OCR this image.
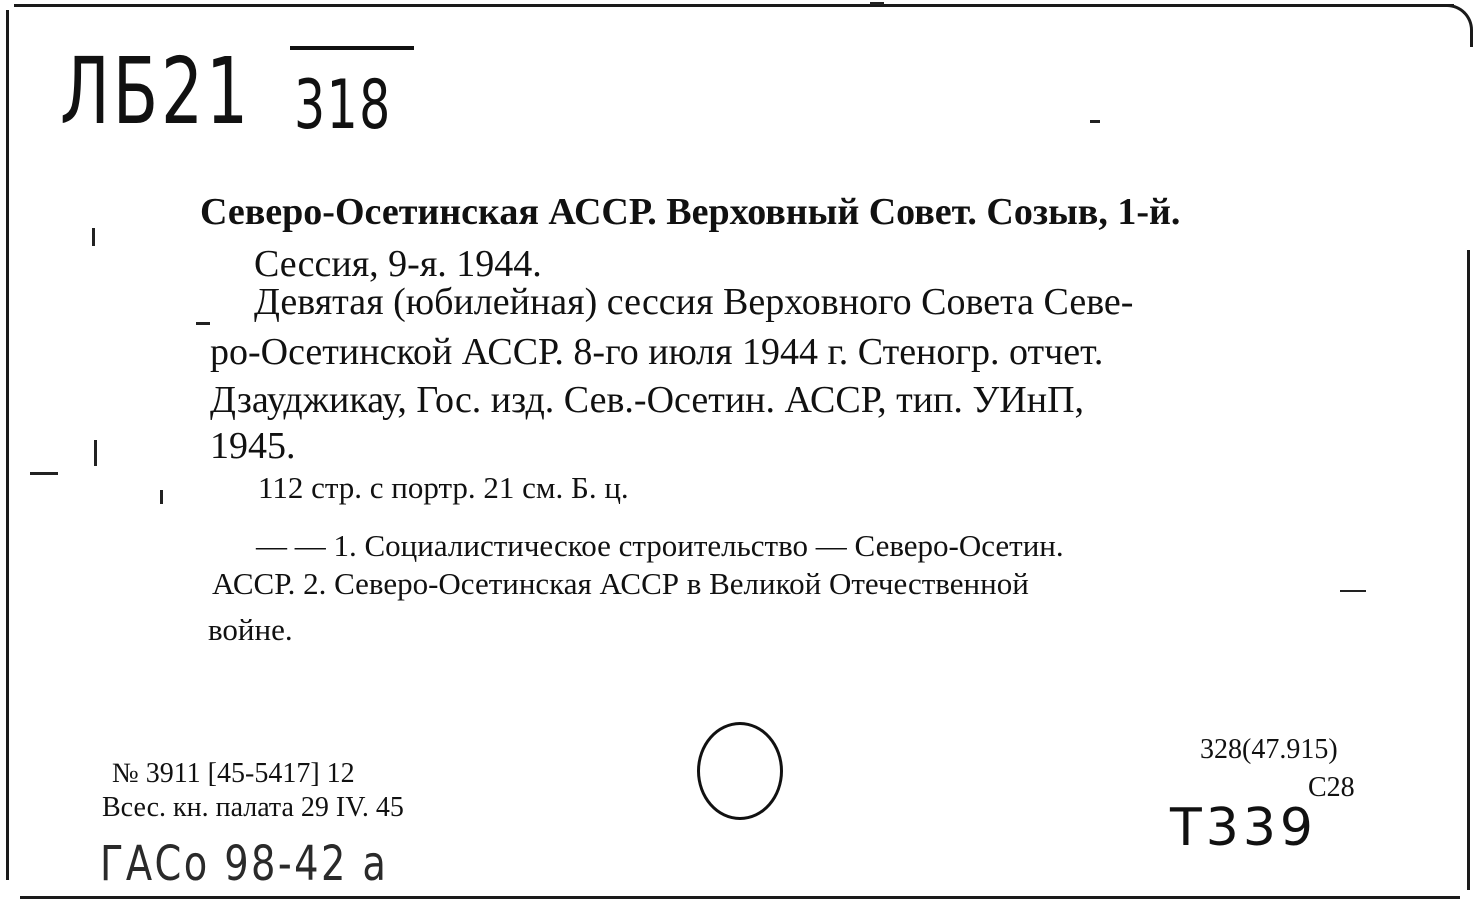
ЛБ21 318
Северо-Осетинская АССР. Верховный Совет. Созыв, 1-й.
Сессия, 9-я. 1944.
Девятая (юбилейная) сессия Верховного Совета Севе-
ро-Осетинской АССР. 8-го июля 1944 г. Стеногр. отчет.
Дзауджикау, Гос. изд. Сев.-Осетин. АССР, тип. УИнП,
1945.
112 стр. с портр. 21 см. Б. ц.
— — 1. Социалистическое строительство — Северо-Осетин.
АССР. 2. Северо-Осетинская АССР в Великой Отечественной
войне.
№ 3911 [45-5417] 12
Всес. кн. палата 29 IV. 45
328(47.915)
С28
ГАСо 98-42 а
Т339
